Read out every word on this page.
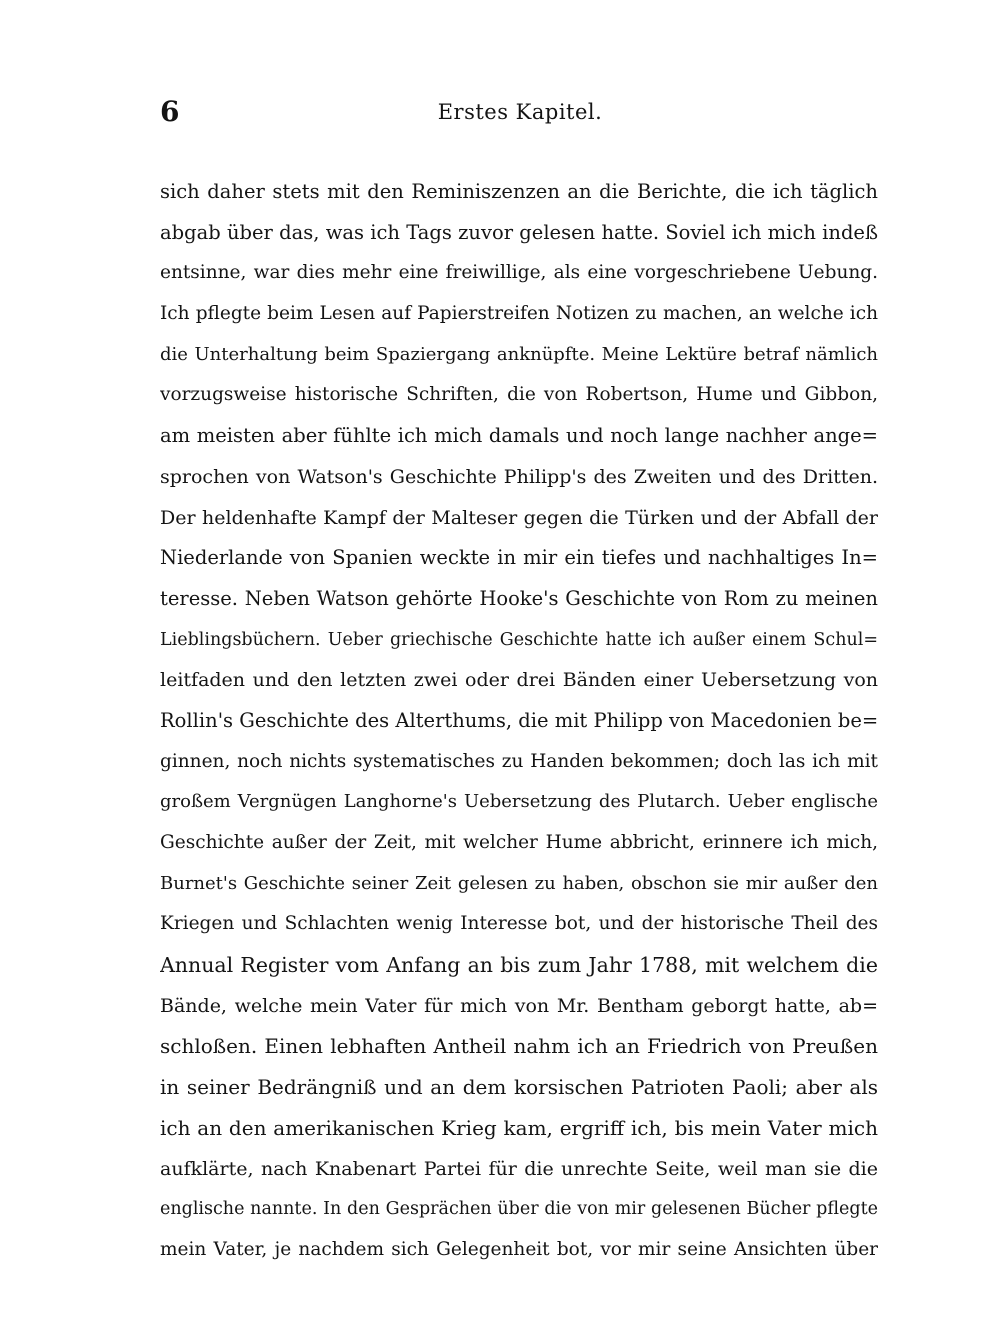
6	Erstes Kapitel.
sich daher stets mit den Reminiszenzen an die Berichte, die ich täglich
abgab über das, was ich Tags zuvor gelesen hatte. Soviel ich mich indeß
entsinne, war dies mehr eine freiwillige, als eine vorgeschriebene Uebung.
Ich pflegte beim Lesen auf Papierstreifen Notizen zu machen, an welche ich
die Unterhaltung beim Spaziergang anknüpfte. Meine Lektüre betraf nämlich
vorzugsweise historische Schriften, die von Robertson, Hume und Gibbon,
am meisten aber fühlte ich mich damals und noch lange nachher ange=
sprochen von Watson's Geschichte Philipp's des Zweiten und des Dritten.
Der heldenhafte Kampf der Malteser gegen die Türken und der Abfall der
Niederlande von Spanien weckte in mir ein tiefes und nachhaltiges In=
teresse. Neben Watson gehörte Hooke's Geschichte von Rom zu meinen
Lieblingsbüchern. Ueber griechische Geschichte hatte ich außer einem Schul=
leitfaden und den letzten zwei oder drei Bänden einer Uebersetzung von
Rollin's Geschichte des Alterthums, die mit Philipp von Macedonien be=
ginnen, noch nichts systematisches zu Handen bekommen; doch las ich mit
großem Vergnügen Langhorne's Uebersetzung des Plutarch. Ueber englische
Geschichte außer der Zeit, mit welcher Hume abbricht, erinnere ich mich,
Burnet's Geschichte seiner Zeit gelesen zu haben, obschon sie mir außer den
Kriegen und Schlachten wenig Interesse bot, und der historische Theil des
Annual Register vom Anfang an bis zum Jahr 1788, mit welchem die
Bände, welche mein Vater für mich von Mr. Bentham geborgt hatte, ab=
schloßen. Einen lebhaften Antheil nahm ich an Friedrich von Preußen
in seiner Bedrängniß und an dem korsischen Patrioten Paoli; aber als
ich an den amerikanischen Krieg kam, ergriff ich, bis mein Vater mich
aufklärte, nach Knabenart Partei für die unrechte Seite, weil man sie die
englische nannte. In den Gesprächen über die von mir gelesenen Bücher pflegte
mein Vater, je nachdem sich Gelegenheit bot, vor mir seine Ansichten über
